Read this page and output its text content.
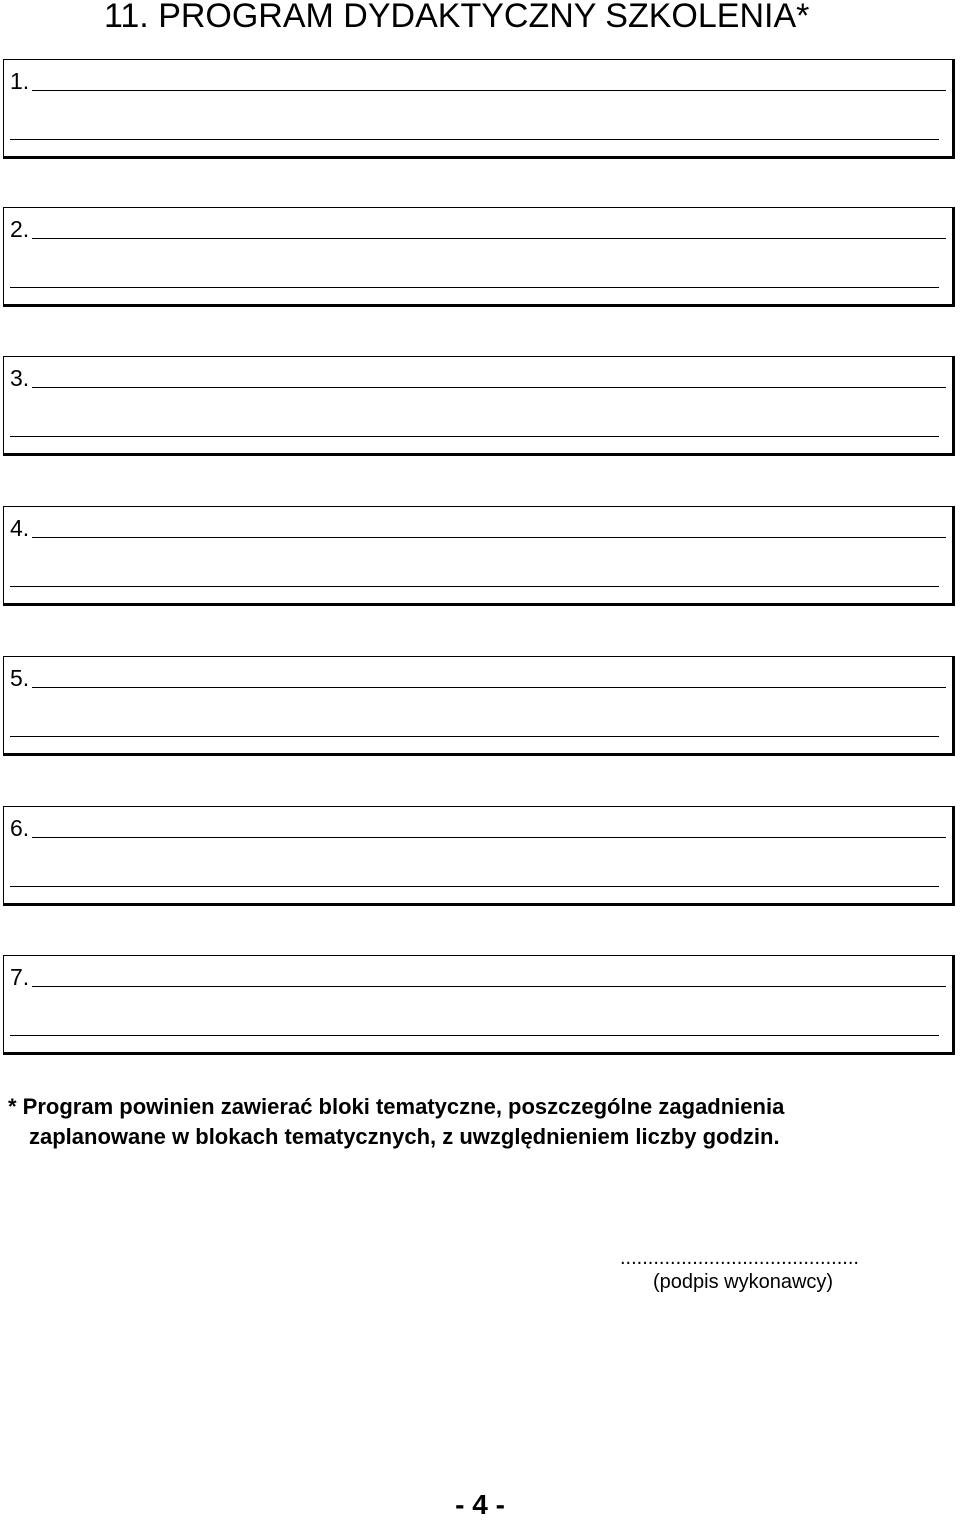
11. PROGRAM DYDAKTYCZNY SZKOLENIA*
1.
2.
3.
4.
5.
6.
7.

* Program powinien zawierać bloki tematyczne, poszczególne zagadnienia
zaplanowane w blokach tematycznych, z uwzględnieniem liczby godzin.

...........................................
(podpis wykonawcy)
- 4 -
